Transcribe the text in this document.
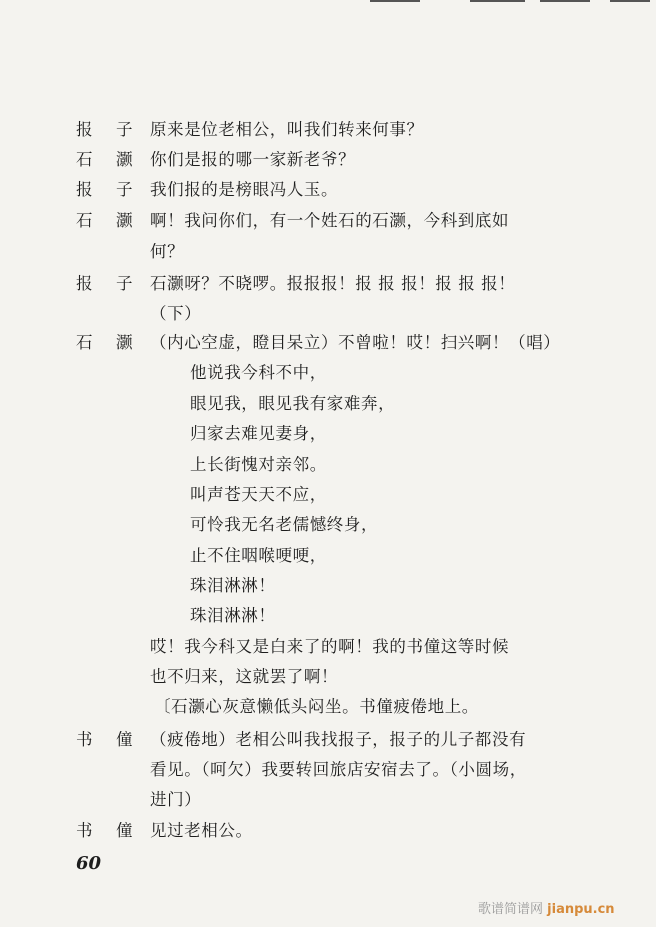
报 子 原来是位老相公，叫我们转来何事？
石 灏 你们是报的哪一家新老爷？
报 子 我们报的是榜眼冯人玉。
石 灏 啊！我问你们，有一个姓石的石灏，今科到底如
何？
报 子 石灏呀？不晓啰。报报报！报 报 报！报 报 报！
（下）
石 灏 （内心空虚，瞪目呆立）不曾啦！哎！扫兴啊！（唱）
他说我今科不中，
眼见我，眼见我有家难奔，
归家去难见妻身，
上长街愧对亲邻。
叫声苍天天不应，
可怜我无名老儒憾终身，
止不住咽喉哽哽，
珠泪淋淋！
珠泪淋淋！
哎！我今科又是白来了的啊！我的书僮这等时候
也不归来，这就罢了啊！
〔石灏心灰意懒低头闷坐。书僮疲倦地上。
书 僮 （疲倦地）老相公叫我找报子，报子的儿子都没有
看见。（呵欠）我要转回旅店安宿去了。（小圆场，
进门）
书 僮 见过老相公。
60
歌谱简谱网 jianpu.cn
